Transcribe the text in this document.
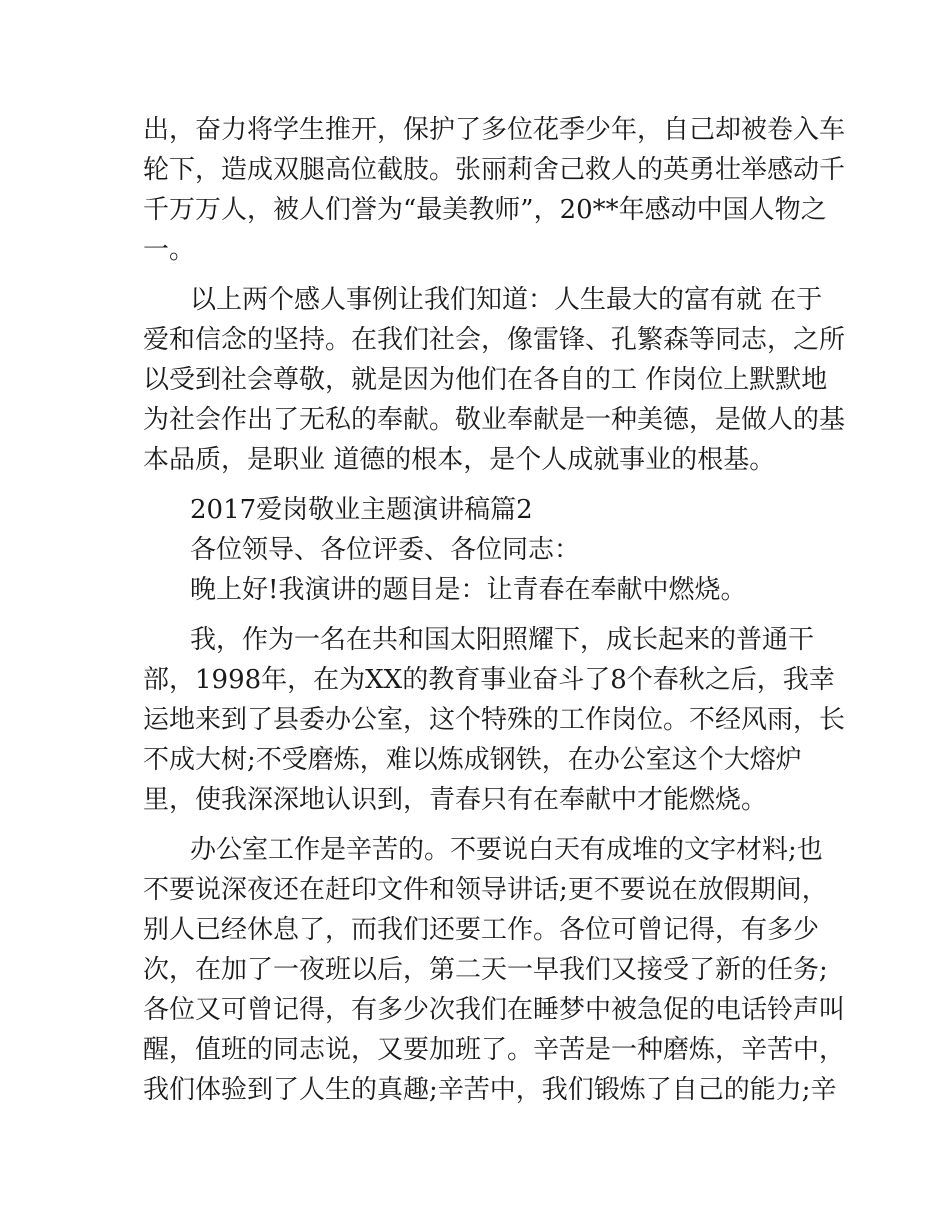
出，奋力将学生推开，保护了多位花季少年，自己却被卷入车
轮下，造成双腿高位截肢。张丽莉舍己救人的英勇壮举感动千
千万万人，被人们誉为“最美教师”，20**年感动中国人物之
一。
以上两个感人事例让我们知道：人生最大的富有就 在于
爱和信念的坚持。在我们社会，像雷锋、孔繁森等同志，之所
以受到社会尊敬，就是因为他们在各自的工 作岗位上默默地
为社会作出了无私的奉献。敬业奉献是一种美德，是做人的基
本品质，是职业 道德的根本，是个人成就事业的根基。
2017爱岗敬业主题演讲稿篇2
各位领导、各位评委、各位同志：
晚上好!我演讲的题目是：让青春在奉献中燃烧。
我，作为一名在共和国太阳照耀下，成长起来的普通干
部，1998年，在为XX的教育事业奋斗了8个春秋之后，我幸
运地来到了县委办公室，这个特殊的工作岗位。不经风雨，长
不成大树;不受磨炼，难以炼成钢铁，在办公室这个大熔炉
里，使我深深地认识到，青春只有在奉献中才能燃烧。
办公室工作是辛苦的。不要说白天有成堆的文字材料;也
不要说深夜还在赶印文件和领导讲话;更不要说在放假期间，
别人已经休息了，而我们还要工作。各位可曾记得，有多少
次，在加了一夜班以后，第二天一早我们又接受了新的任务;
各位又可曾记得，有多少次我们在睡梦中被急促的电话铃声叫
醒，值班的同志说，又要加班了。辛苦是一种磨炼，辛苦中，
我们体验到了人生的真趣;辛苦中，我们锻炼了自己的能力;辛
